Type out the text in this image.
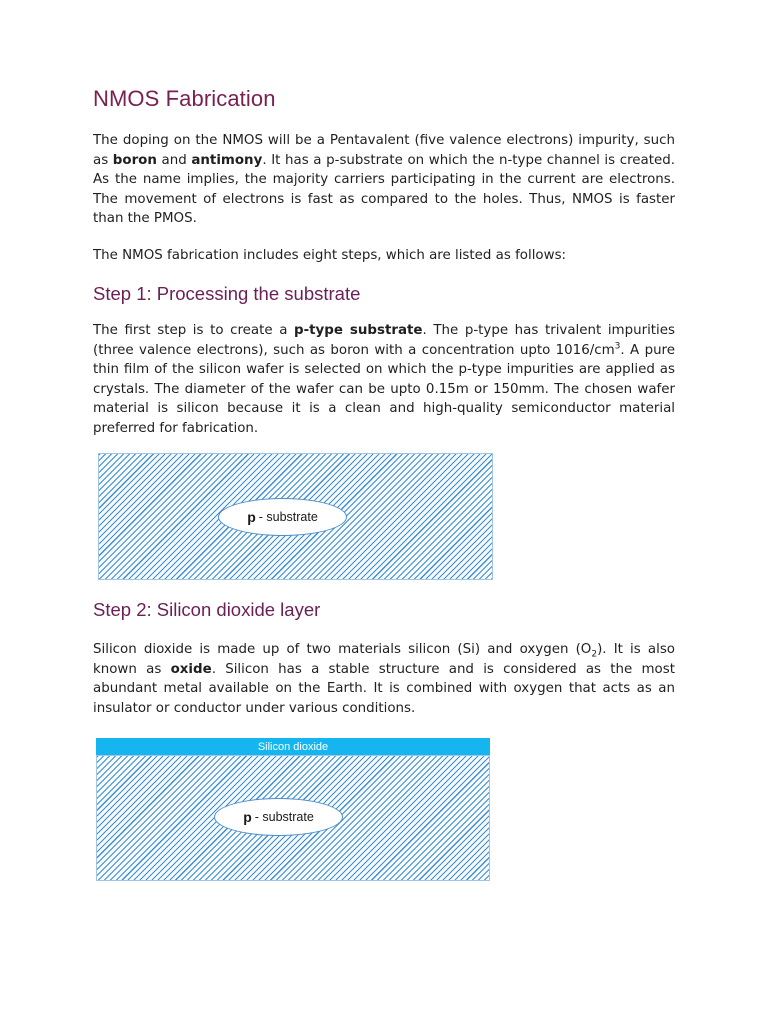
NMOS Fabrication

The doping on the NMOS will be a Pentavalent (five valence electrons) impurity, such as boron and antimony. It has a p-substrate on which the n-type channel is created. As the name implies, the majority carriers participating in the current are electrons. The movement of electrons is fast as compared to the holes. Thus, NMOS is faster than the PMOS.

The NMOS fabrication includes eight steps, which are listed as follows:

Step 1: Processing the substrate

The first step is to create a p-type substrate. The p-type has trivalent impurities (three valence electrons), such as boron with a concentration upto $1016/cm^3$. A pure thin film of the silicon wafer is selected on which the p-type impurities are applied as crystals. The diameter of the wafer can be upto 0.15m or 150mm. The chosen wafer material is silicon because it is a clean and high-quality semiconductor material preferred for fabrication.

p - substrate
Step 2: Silicon dioxide layer

Silicon dioxide is made up of two materials silicon (Si) and oxygen $(O_2)$. It is also known as oxide. Silicon has a stable structure and is considered as the most abundant metal available on the Earth. It is combined with oxygen that acts as an insulator or conductor under various conditions.

Silicon dioxide
p - substrate
